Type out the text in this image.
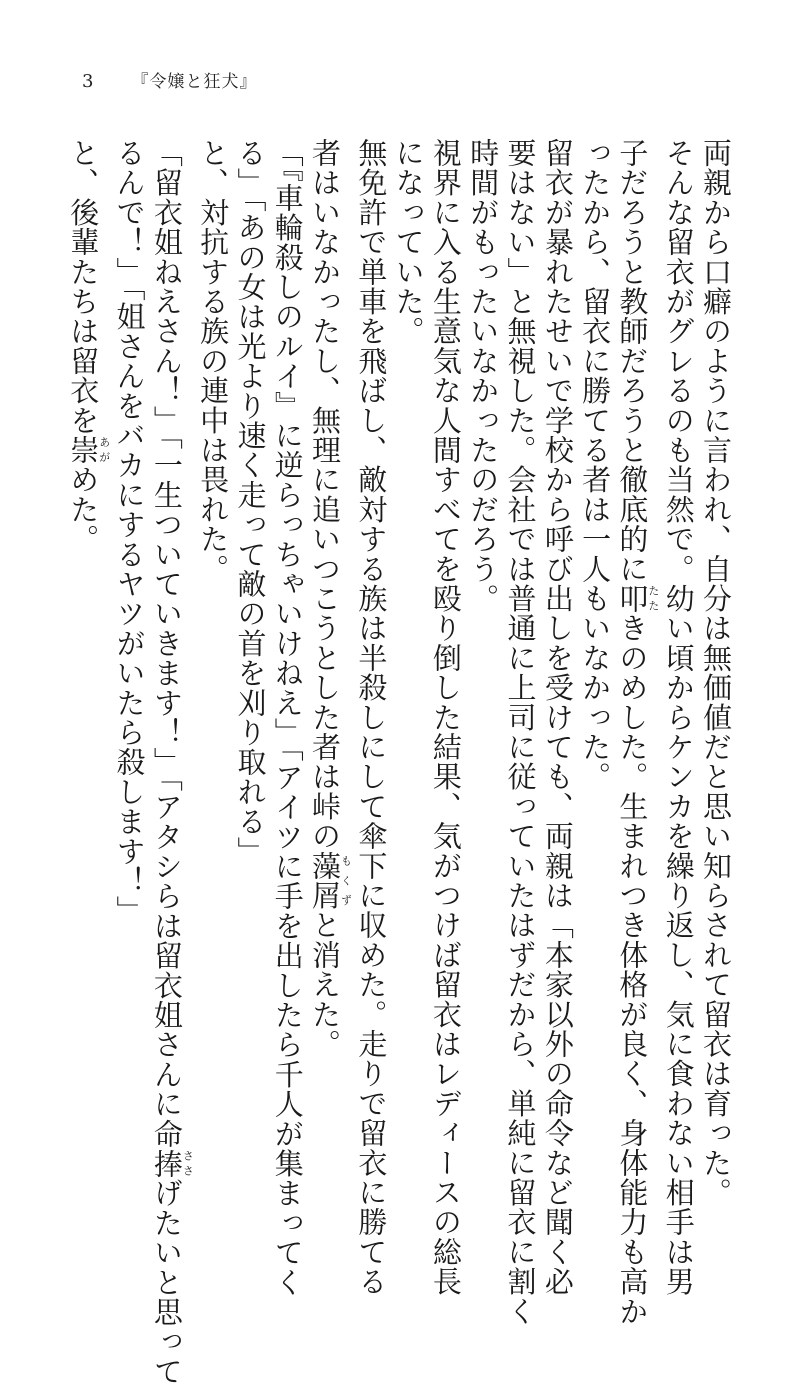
3 『令嬢と狂犬』
両親から口癖のように言われ、自分は無価値だと思い知らされて留衣は育った。
そんな留衣がグレるのも当然で。幼い頃からケンカを繰り返し、気に食わない相手は男
子だろうと教師だろうと徹底的に叩たたきのめした。生まれつき体格が良く、身体能力も高か
ったから、留衣に勝てる者は一人もいなかった。
留衣が暴れたせいで学校から呼び出しを受けても、両親は「本家以外の命令など聞く必
要はない」と無視した。会社では普通に上司に従っていたはずだから、単純に留衣に割く
時間がもったいなかったのだろう。
視界に入る生意気な人間すべてを殴り倒した結果、気がつけば留衣はレディースの総長
になっていた。
無免許で単車を飛ばし、敵対する族は半殺しにして傘下に収めた。走りで留衣に勝てる
者はいなかったし、無理に追いつこうとした者は峠の藻屑もくずと消えた。
「『車輪殺しのルイ』に逆らっちゃいけねえ」「アイツに手を出したら千人が集まってく
る」「あの女は光より速く走って敵の首を刈り取れる」
と、対抗する族の連中は畏れた。
「留衣姐ねえさん！」「一生ついていきます！」「アタシらは留衣姐さんに命捧ささげたいと思って
るんで！」「姐さんをバカにするヤツがいたら殺します！」
と、後輩たちは留衣を崇あがめた。
